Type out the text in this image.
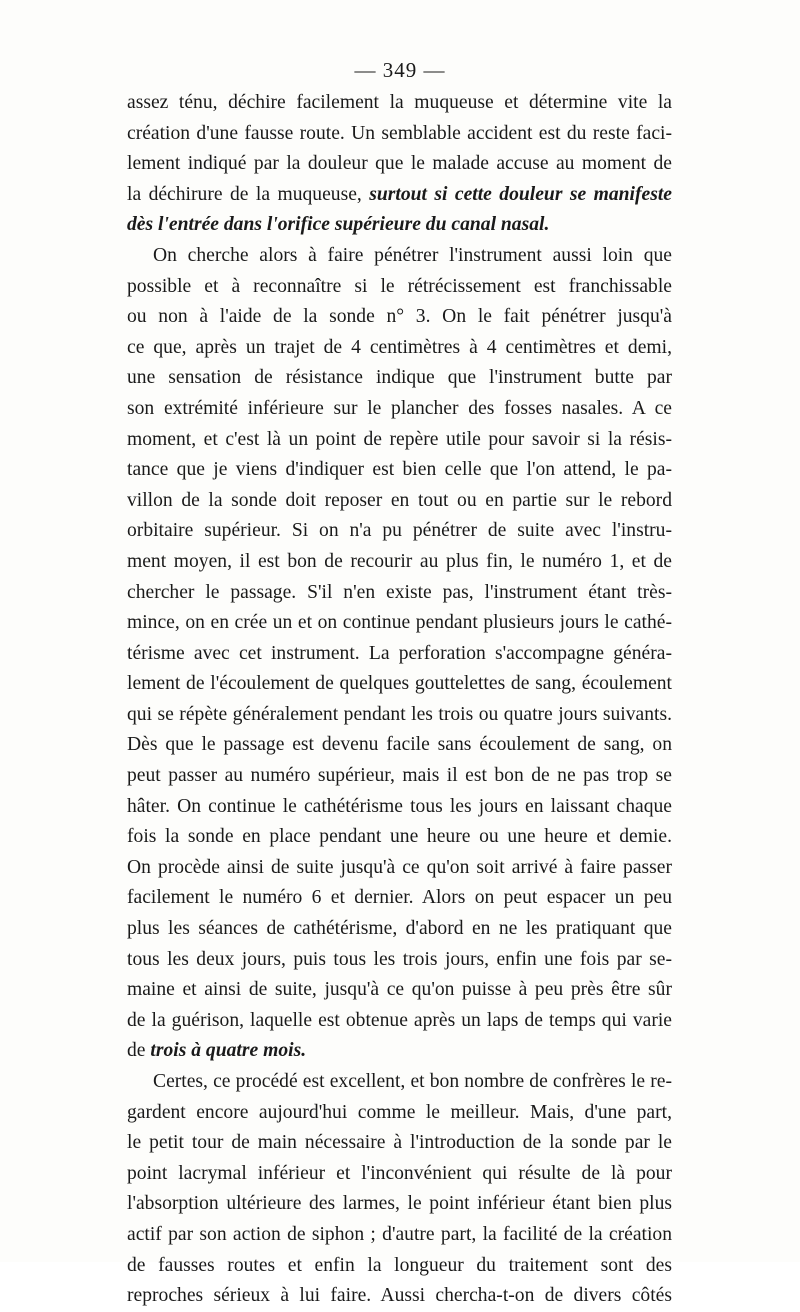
— 349 —
assez ténu, déchire facilement la muqueuse et détermine vite la
création d'une fausse route. Un semblable accident est du reste faci-
lement indiqué par la douleur que le malade accuse au moment de
la déchirure de la muqueuse, surtout si cette douleur se manifeste
dès l'entrée dans l'orifice supérieure du canal nasal.
On cherche alors à faire pénétrer l'instrument aussi loin que
possible et à reconnaître si le rétrécissement est franchissable
ou non à l'aide de la sonde n° 3. On le fait pénétrer jusqu'à
ce que, après un trajet de 4 centimètres à 4 centimètres et demi,
une sensation de résistance indique que l'instrument butte par
son extrémité inférieure sur le plancher des fosses nasales. A ce
moment, et c'est là un point de repère utile pour savoir si la résis-
tance que je viens d'indiquer est bien celle que l'on attend, le pa-
villon de la sonde doit reposer en tout ou en partie sur le rebord
orbitaire supérieur. Si on n'a pu pénétrer de suite avec l'instru-
ment moyen, il est bon de recourir au plus fin, le numéro 1, et de
chercher le passage. S'il n'en existe pas, l'instrument étant très-
mince, on en crée un et on continue pendant plusieurs jours le cathé-
térisme avec cet instrument. La perforation s'accompagne généra-
lement de l'écoulement de quelques gouttelettes de sang, écoulement
qui se répète généralement pendant les trois ou quatre jours suivants.
Dès que le passage est devenu facile sans écoulement de sang, on
peut passer au numéro supérieur, mais il est bon de ne pas trop se
hâter. On continue le cathétérisme tous les jours en laissant chaque
fois la sonde en place pendant une heure ou une heure et demie.
On procède ainsi de suite jusqu'à ce qu'on soit arrivé à faire passer
facilement le numéro 6 et dernier. Alors on peut espacer un peu
plus les séances de cathétérisme, d'abord en ne les pratiquant que
tous les deux jours, puis tous les trois jours, enfin une fois par se-
maine et ainsi de suite, jusqu'à ce qu'on puisse à peu près être sûr
de la guérison, laquelle est obtenue après un laps de temps qui varie
de trois à quatre mois.
Certes, ce procédé est excellent, et bon nombre de confrères le re-
gardent encore aujourd'hui comme le meilleur. Mais, d'une part,
le petit tour de main nécessaire à l'introduction de la sonde par le
point lacrymal inférieur et l'inconvénient qui résulte de là pour
l'absorption ultérieure des larmes, le point inférieur étant bien plus
actif par son action de siphon ; d'autre part, la facilité de la création
de fausses routes et enfin la longueur du traitement sont des
reproches sérieux à lui faire. Aussi chercha-t-on de divers côtés
